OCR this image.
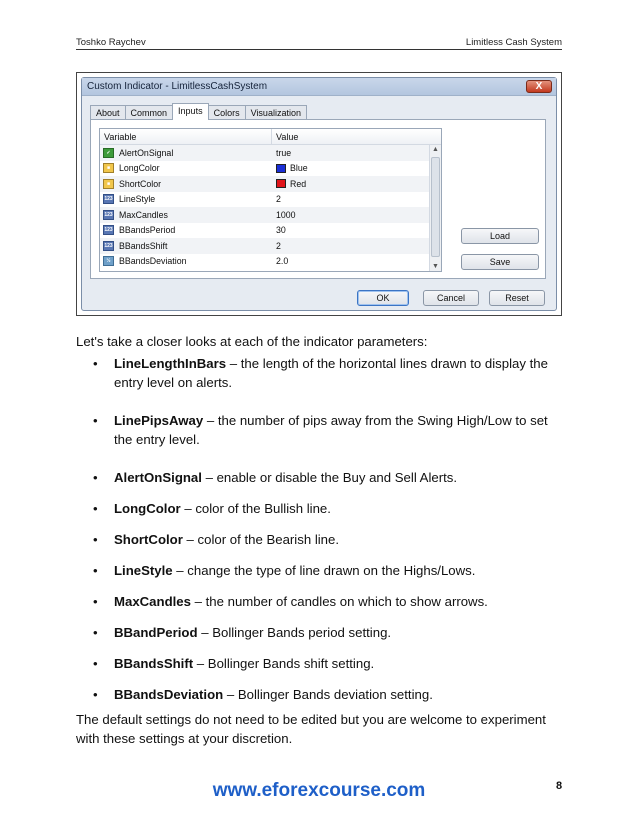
Toshko Raychev	Limitless Cash System
Custom Indicator - LimitlessCashSystem	X
About	Common	Inputs	Colors	Visualization
Variable	Value
✓ AlertOnSignal	true
■	LongColor	Blue
■	ShortColor	Red
123 LineStyle	2
123 MaxCandles	1000
123 BBandsPeriod	30
123 BBandsShift	2
½ BBandsDeviation	2.0
▲
▼
Load
Save
OK	Cancel	Reset
Let's take a closer looks at each of the indicator parameters:
• LineLengthInBars – the length of the horizontal lines drawn to display the entry level on alerts.
• LinePipsAway – the number of pips away from the Swing High/Low to set the entry level.
• AlertOnSignal – enable or disable the Buy and Sell Alerts.
• LongColor – color of the Bullish line.
• ShortColor – color of the Bearish line.
• LineStyle – change the type of line drawn on the Highs/Lows.
• MaxCandles – the number of candles on which to show arrows.
• BBandPeriod – Bollinger Bands period setting.
• BBandsShift – Bollinger Bands shift setting.
• BBandsDeviation – Bollinger Bands deviation setting.
The default settings do not need to be edited but you are welcome to experiment with these settings at your discretion.
www.eforexcourse.com	8
